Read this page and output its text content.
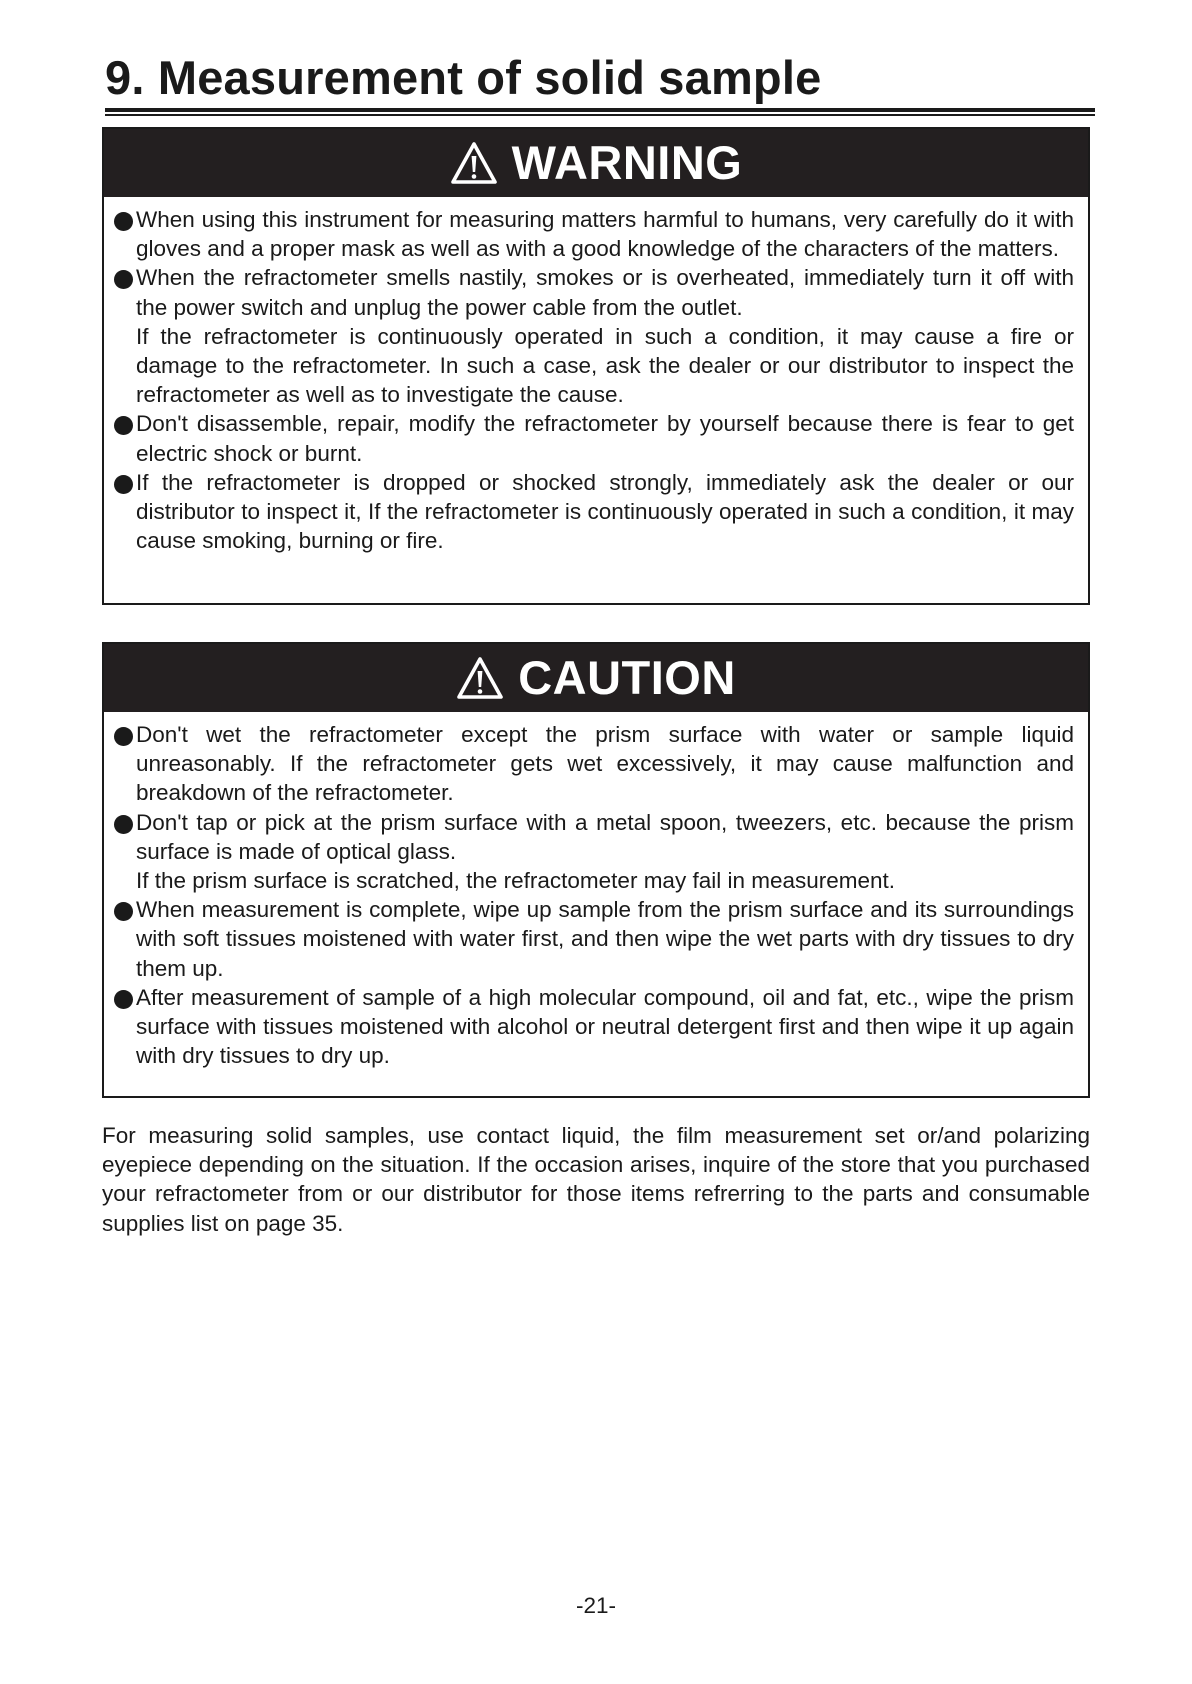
9. Measurement of solid sample
WARNING

When using this instrument for measuring matters harmful to humans, very carefully do it with gloves and a proper mask as well as with a good knowledge of the characters of the matters.

When the refractometer smells nastily, smokes or is overheated, immediately turn it off with the power switch and unplug the power cable from the outlet.

If the refractometer is continuously operated in such a condition, it may cause a fire or damage to the refractometer. In such a case, ask the dealer or our distributor to inspect the refractometer as well as to investigate the cause.

Don't disassemble, repair, modify the refractometer by yourself because there is fear to get electric shock or burnt.

If the refractometer is dropped or shocked strongly, immediately ask the dealer or our distributor to inspect it, If the refractometer is continuously operated in such a condition, it may cause smoking, burning or fire.

CAUTION

Don't wet the refractometer except the prism surface with water or sample liquid unreasonably. If the refractometer gets wet excessively, it may cause malfunction and breakdown of the refractometer.

Don't tap or pick at the prism surface with a metal spoon, tweezers, etc. because the prism surface is made of optical glass.

If the prism surface is scratched, the refractometer may fail in measurement.

When measurement is complete, wipe up sample from the prism surface and its surroundings with soft tissues moistened with water first, and then wipe the wet parts with dry tissues to dry them up.

After measurement of sample of a high molecular compound, oil and fat, etc., wipe the prism surface with tissues moistened with alcohol or neutral detergent first and then wipe it up again with dry tissues to dry up.

For measuring solid samples, use contact liquid, the film measurement set or/and polarizing eyepiece depending on the situation. If the occasion arises, inquire of the store that you purchased your refractometer from or our distributor for those items refrerring to the parts and consumable supplies list on page 35.

-21-
